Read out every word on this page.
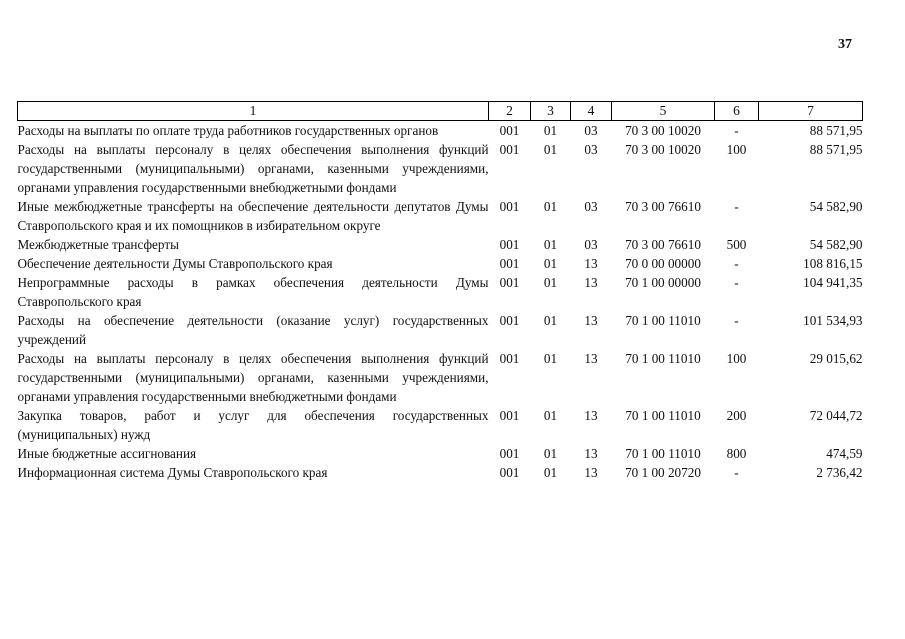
37
1	2	3	4	5	6	7
Расходы на выплаты по оплате труда работников государственных органов	001	01	03	70 3 00 10020	-	88 571,95
Расходы на выплаты персоналу в целях обеспечения выполнения функций государственными (муниципальными) органами, казенными учреждениями, органами управления государственными внебюджетными фондами	001	01	03	70 3 00 10020	100	88 571,95
Иные межбюджетные трансферты на обеспечение деятельности депутатов Думы Ставропольского края и их помощников в избирательном округе	001	01	03	70 3 00 76610	-	54 582,90
Межбюджетные трансферты	001	01	03	70 3 00 76610	500	54 582,90
Обеспечение деятельности Думы Ставропольского края	001	01	13	70 0 00 00000	-	108 816,15
Непрограммные расходы в рамках обеспечения деятельности Думы Ставропольского края	001	01	13	70 1 00 00000	-	104 941,35
Расходы на обеспечение деятельности (оказание услуг) государственных учреждений	001	01	13	70 1 00 11010	-	101 534,93
Расходы на выплаты персоналу в целях обеспечения выполнения функций государственными (муниципальными) органами, казенными учреждениями, органами управления государственными внебюджетными фондами	001	01	13	70 1 00 11010	100	29 015,62
Закупка товаров, работ и услуг для обеспечения государственных (муниципальных) нужд	001	01	13	70 1 00 11010	200	72 044,72
Иные бюджетные ассигнования	001	01	13	70 1 00 11010	800	474,59
Информационная система Думы Ставропольского края	001	01	13	70 1 00 20720	-	2 736,42
